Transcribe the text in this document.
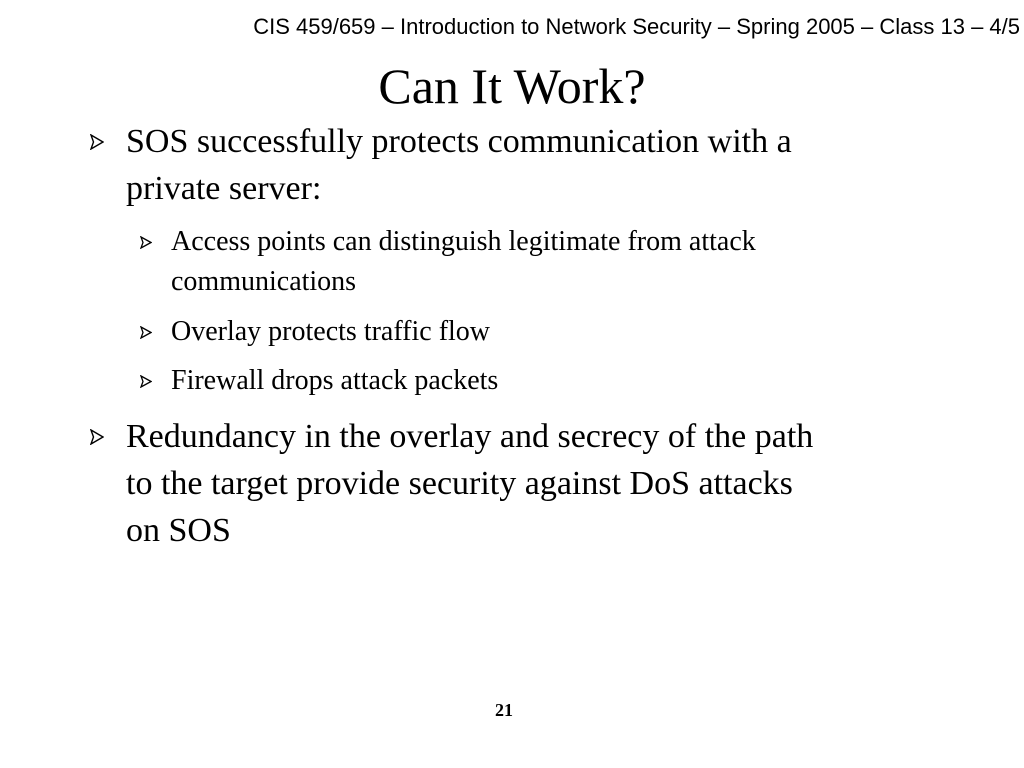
CIS 459/659 – Introduction to Network Security – Spring 2005 – Class 13 – 4/5
Can It Work?
SOS successfully protects communication with a
private server:
Access points can distinguish legitimate from attack
communications
Overlay protects traffic flow
Firewall drops attack packets
Redundancy in the overlay and secrecy of the path
to the target provide security against DoS attacks
on SOS
21
